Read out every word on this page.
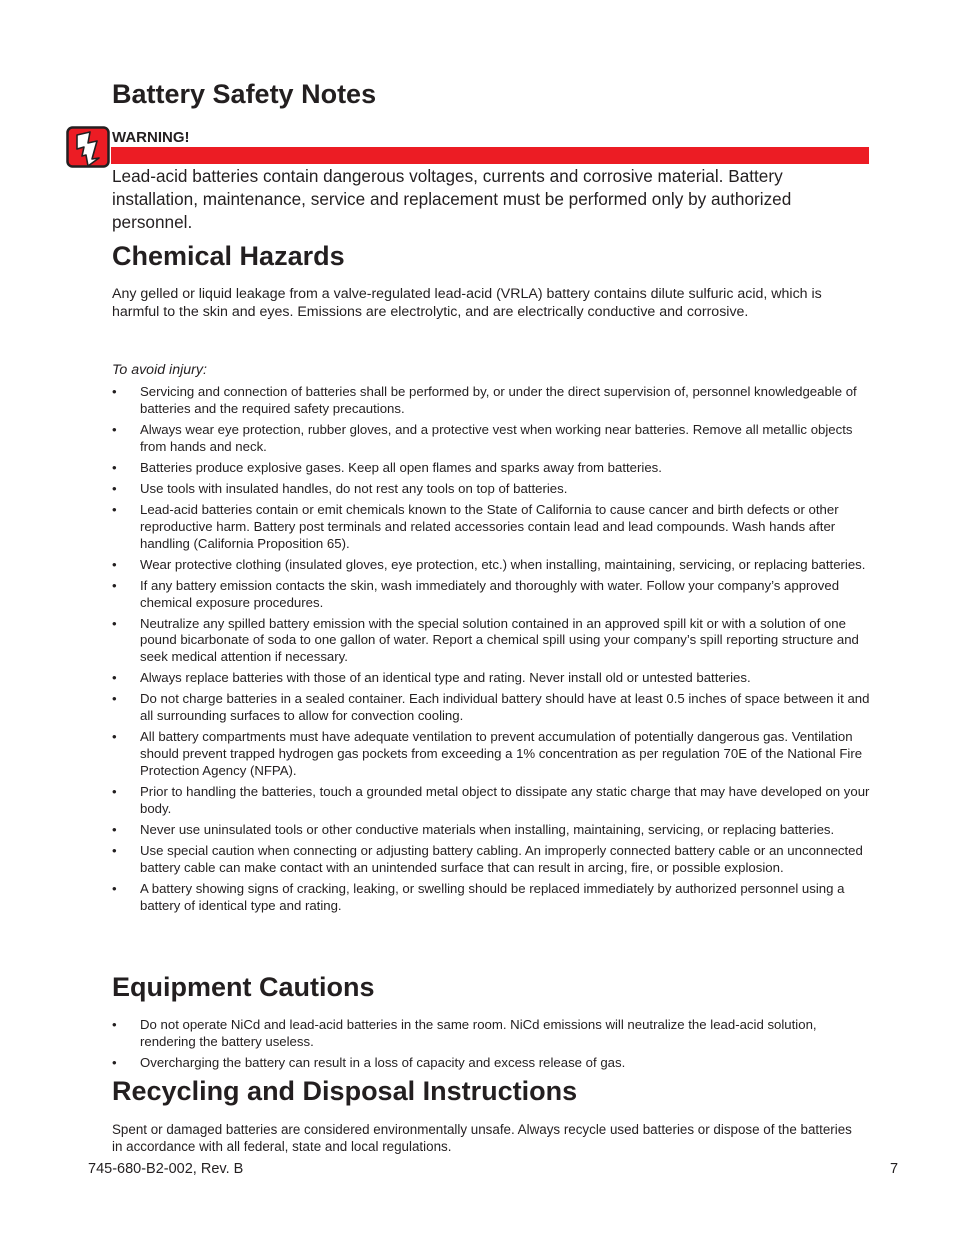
Battery Safety Notes
WARNING!

Lead-acid batteries contain dangerous voltages, currents and corrosive material. Battery installation, maintenance, service and replacement must be performed only by authorized personnel.

Chemical Hazards

Any gelled or liquid leakage from a valve-regulated lead-acid (VRLA) battery contains dilute sulfuric acid, which is harmful to the skin and eyes. Emissions are electrolytic, and are electrically conductive and corrosive.

To avoid injury:

• Servicing and connection of batteries shall be performed by, or under the direct supervision of, personnel knowledgeable of batteries and the required safety precautions.
• Always wear eye protection, rubber gloves, and a protective vest when working near batteries. Remove all metallic objects from hands and neck.
• Batteries produce explosive gases. Keep all open flames and sparks away from batteries.
• Use tools with insulated handles, do not rest any tools on top of batteries.
• Lead-acid batteries contain or emit chemicals known to the State of California to cause cancer and birth defects or other reproductive harm. Battery post terminals and related accessories contain lead and lead compounds. Wash hands after handling (California Proposition 65).
• Wear protective clothing (insulated gloves, eye protection, etc.) when installing, maintaining, servicing, or replacing batteries.
• If any battery emission contacts the skin, wash immediately and thoroughly with water. Follow your company’s approved chemical exposure procedures.
• Neutralize any spilled battery emission with the special solution contained in an approved spill kit or with a solution of one pound bicarbonate of soda to one gallon of water. Report a chemical spill using your company’s spill reporting structure and seek medical attention if necessary.
• Always replace batteries with those of an identical type and rating. Never install old or untested batteries.
• Do not charge batteries in a sealed container. Each individual battery should have at least 0.5 inches of space between it and all surrounding surfaces to allow for convection cooling.
• All battery compartments must have adequate ventilation to prevent accumulation of potentially dangerous gas. Ventilation should prevent trapped hydrogen gas pockets from exceeding a 1% concentration as per regulation 70E of the National Fire Protection Agency (NFPA).
• Prior to handling the batteries, touch a grounded metal object to dissipate any static charge that may have developed on your body.
• Never use uninsulated tools or other conductive materials when installing, maintaining, servicing, or replacing batteries.
• Use special caution when connecting or adjusting battery cabling. An improperly connected battery cable or an unconnected battery cable can make contact with an unintended surface that can result in arcing, fire, or possible explosion.
• A battery showing signs of cracking, leaking, or swelling should be replaced immediately by authorized personnel using a battery of identical type and rating.
Equipment Cautions
• Do not operate NiCd and lead-acid batteries in the same room. NiCd emissions will neutralize the lead-acid solution, rendering the battery useless.
• Overcharging the battery can result in a loss of capacity and excess release of gas.
Recycling and Disposal Instructions

Spent or damaged batteries are considered environmentally unsafe. Always recycle used batteries or dispose of the batteries in accordance with all federal, state and local regulations.

745-680-B2-002, Rev. B	7
